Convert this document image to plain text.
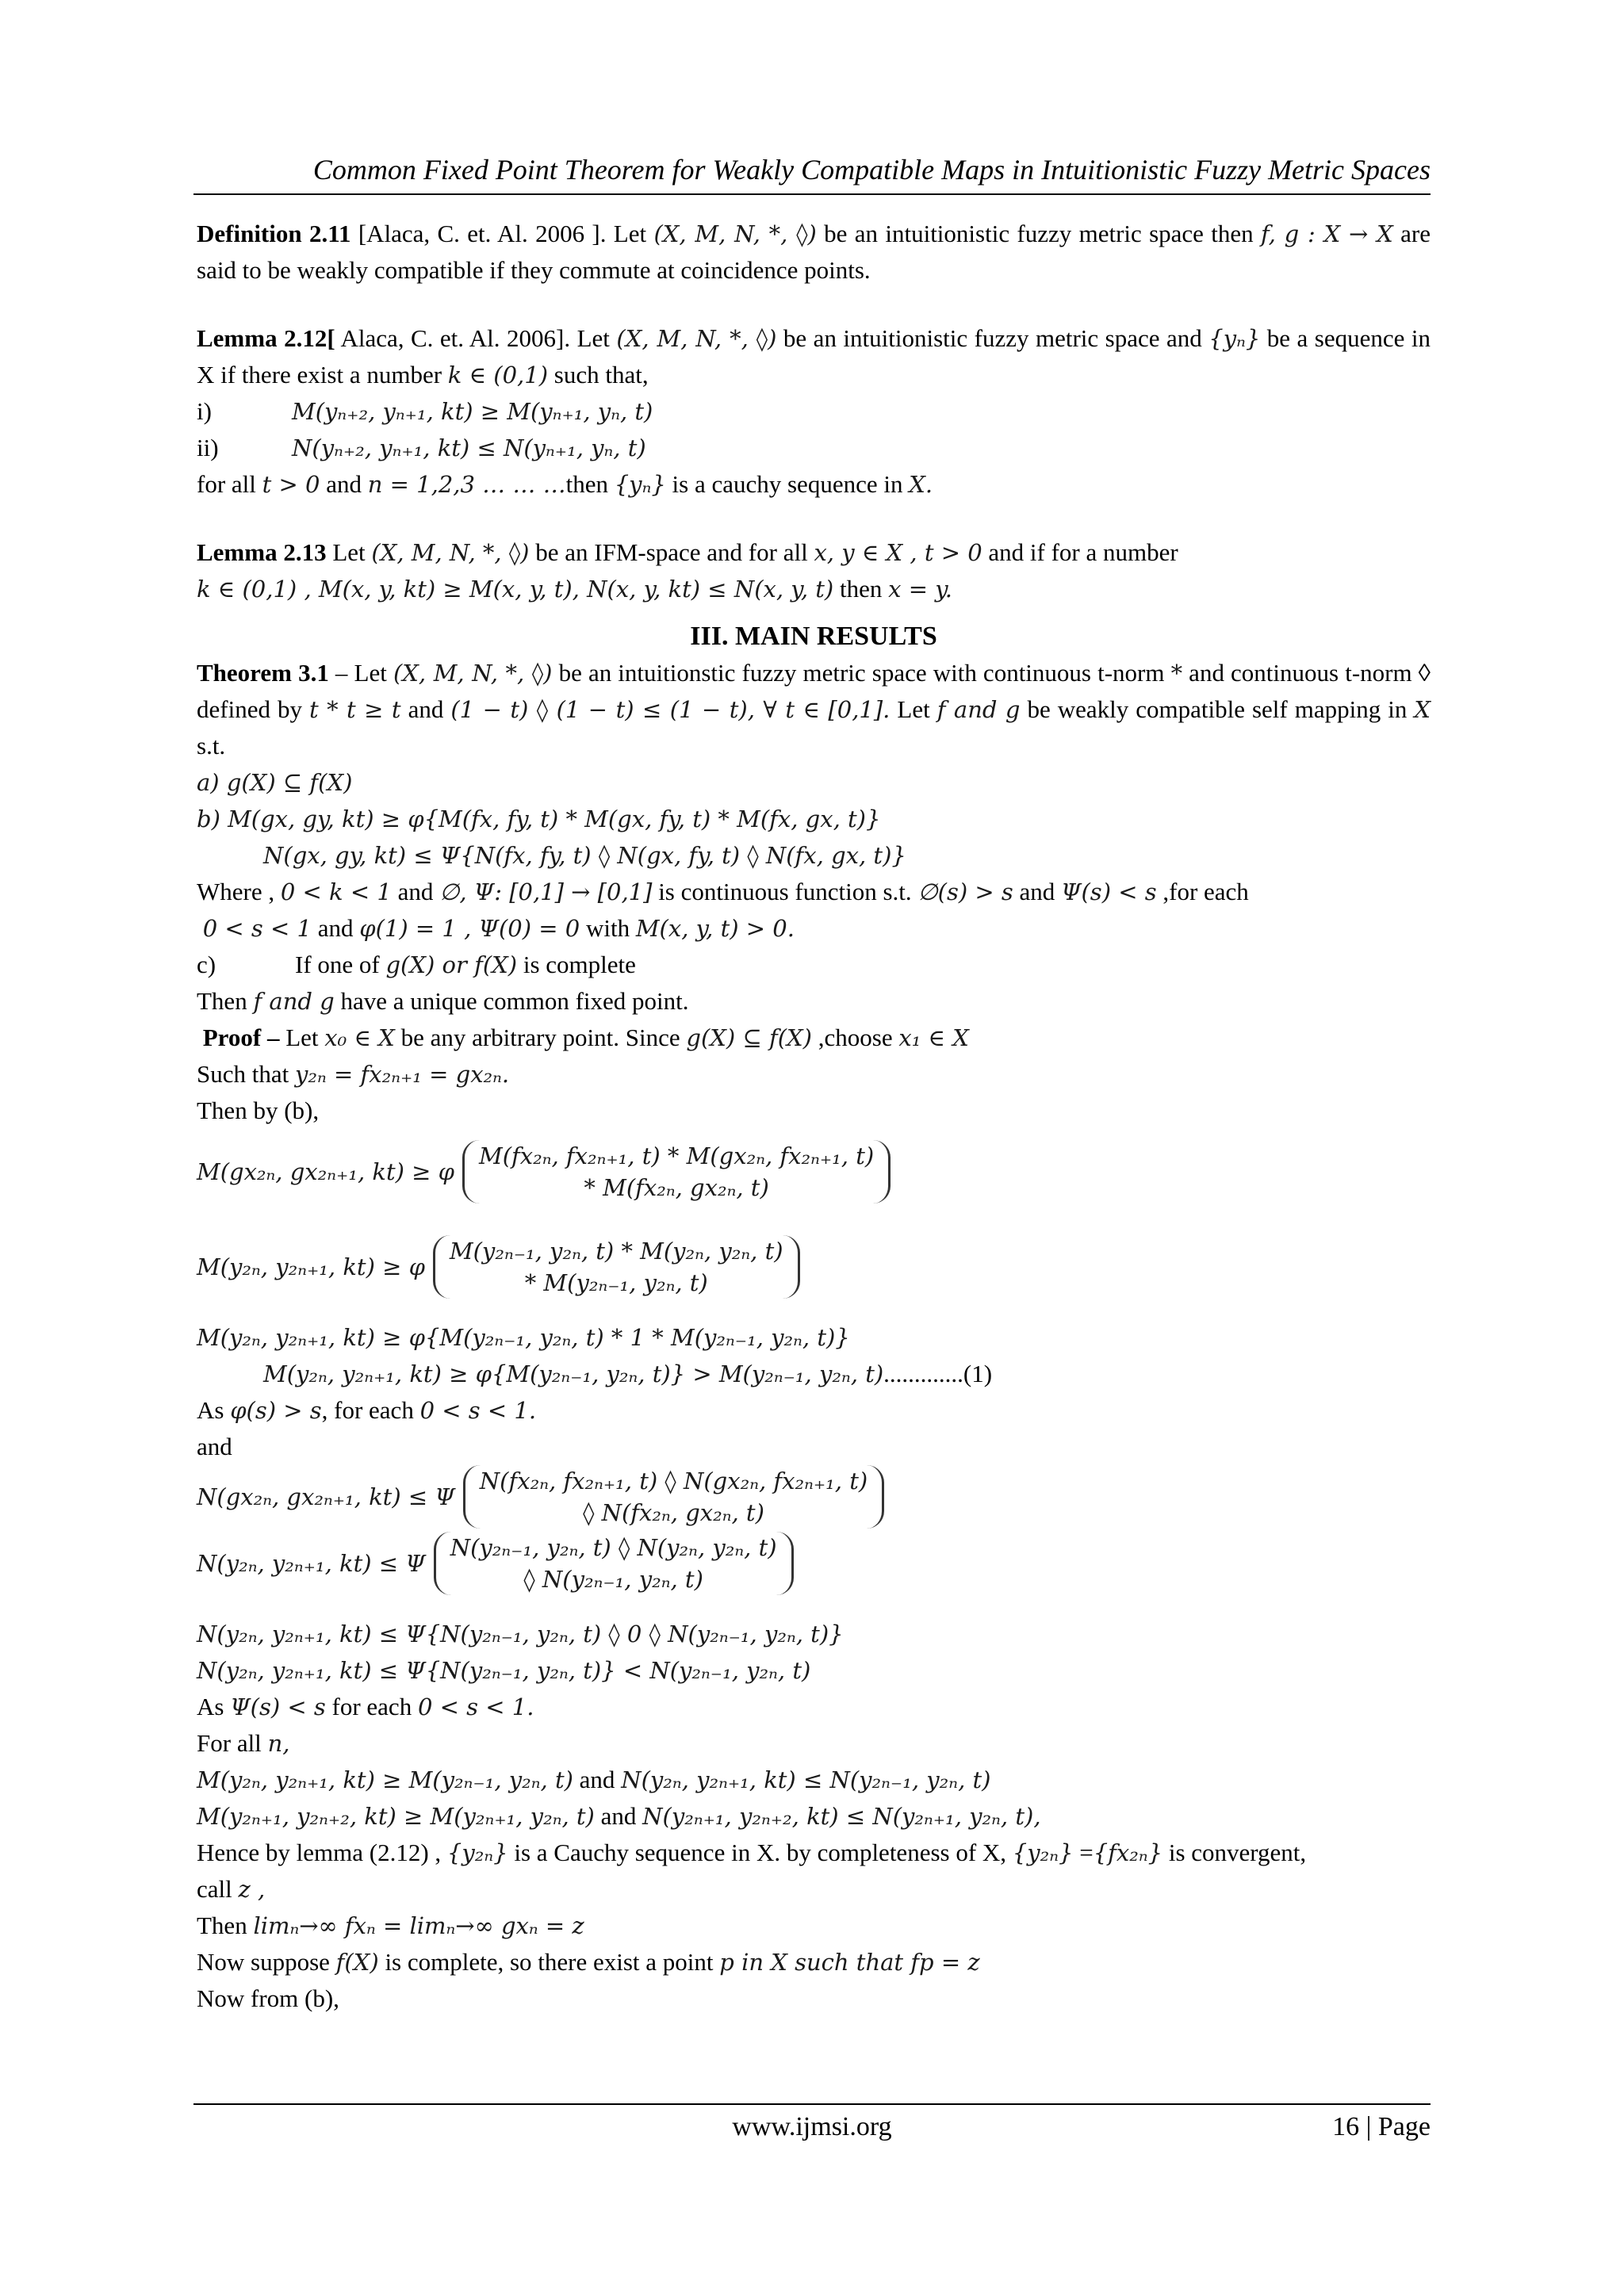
Common Fixed Point Theorem for Weakly Compatible Maps in Intuitionistic Fuzzy Metric Spaces

Definition 2.11 [Alaca, C. et. Al. 2006 ]. Let (X, M, N, *, ◊) be an intuitionistic fuzzy metric space then f, g : X → X are said to be weakly compatible if they commute at coincidence points.

Lemma 2.12[ Alaca, C. et. Al. 2006]. Let (X, M, N, *, ◊) be an intuitionistic fuzzy metric space and {yₙ} be a sequence in X if there exist a number k ∈ (0,1) such that,

i)	M(yₙ₊₂, yₙ₊₁, kt) ≥ M(yₙ₊₁, yₙ, t)

ii)	N(yₙ₊₂, yₙ₊₁, kt) ≤ N(yₙ₊₁, yₙ, t)

for all t > 0 and n = 1,2,3 … … …then {yₙ} is a cauchy sequence in X.

Lemma 2.13 Let (X, M, N, *, ◊) be an IFM-space and for all x, y ∈ X , t > 0 and if for a number

k ∈ (0,1) , M(x, y, kt) ≥ M(x, y, t), N(x, y, kt) ≤ N(x, y, t) then x = y.

III. MAIN RESULTS

Theorem 3.1 – Let (X, M, N, *, ◊) be an intuitionstic fuzzy metric space with continuous t-norm * and continuous t-norm ◊ defined by t * t ≥ t and (1 − t) ◊ (1 − t) ≤ (1 − t), ∀ t ∈ [0,1]. Let f and g be weakly compatible self mapping in X s.t.

a) g(X) ⊆ f(X)

b) M(gx, gy, kt) ≥ φ{M(fx, fy, t) * M(gx, fy, t) * M(fx, gx, t)}

N(gx, gy, kt) ≤ Ψ{N(fx, fy, t) ◊ N(gx, fy, t) ◊ N(fx, gx, t)}

Where , 0 < k < 1 and ∅, Ψ: [0,1] → [0,1] is continuous function s.t. ∅(s) > s and Ψ(s) < s ,for each

0 < s < 1 and φ(1) = 1 , Ψ(0) = 0 with M(x, y, t) > 0.

c)	If one of g(X) or f(X) is complete

Then f and g have a unique common fixed point.

Proof – Let x₀ ∈ X be any arbitrary point. Since g(X) ⊆ f(X) ,choose x₁ ∈ X

Such that y₂ₙ = fx₂ₙ₊₁ = gx₂ₙ.

Then by (b),

M(gx₂ₙ, gx₂ₙ₊₁, kt) ≥ φ
M(fx₂ₙ, fx₂ₙ₊₁, t) * M(gx₂ₙ, fx₂ₙ₊₁, t)
* M(fx₂ₙ, gx₂ₙ, t)
M(y₂ₙ, y₂ₙ₊₁, kt) ≥ φ
M(y₂ₙ₋₁, y₂ₙ, t) * M(y₂ₙ, y₂ₙ, t)
* M(y₂ₙ₋₁, y₂ₙ, t)

M(y₂ₙ, y₂ₙ₊₁, kt) ≥ φ{M(y₂ₙ₋₁, y₂ₙ, t) * 1 * M(y₂ₙ₋₁, y₂ₙ, t)}

M(y₂ₙ, y₂ₙ₊₁, kt) ≥ φ{M(y₂ₙ₋₁, y₂ₙ, t)} > M(y₂ₙ₋₁, y₂ₙ, t).............(1)

As φ(s) > s, for each 0 < s < 1.

and

N(gx₂ₙ, gx₂ₙ₊₁, kt) ≤ Ψ
N(fx₂ₙ, fx₂ₙ₊₁, t) ◊ N(gx₂ₙ, fx₂ₙ₊₁, t)
◊ N(fx₂ₙ, gx₂ₙ, t)
N(y₂ₙ, y₂ₙ₊₁, kt) ≤ Ψ
N(y₂ₙ₋₁, y₂ₙ, t) ◊ N(y₂ₙ, y₂ₙ, t)
◊ N(y₂ₙ₋₁, y₂ₙ, t)

N(y₂ₙ, y₂ₙ₊₁, kt) ≤ Ψ{N(y₂ₙ₋₁, y₂ₙ, t) ◊ 0 ◊ N(y₂ₙ₋₁, y₂ₙ, t)}

N(y₂ₙ, y₂ₙ₊₁, kt) ≤ Ψ{N(y₂ₙ₋₁, y₂ₙ, t)} < N(y₂ₙ₋₁, y₂ₙ, t)

As Ψ(s) < s for each 0 < s < 1.

For all n,

M(y₂ₙ, y₂ₙ₊₁, kt) ≥ M(y₂ₙ₋₁, y₂ₙ, t) and N(y₂ₙ, y₂ₙ₊₁, kt) ≤ N(y₂ₙ₋₁, y₂ₙ, t)

M(y₂ₙ₊₁, y₂ₙ₊₂, kt) ≥ M(y₂ₙ₊₁, y₂ₙ, t) and N(y₂ₙ₊₁, y₂ₙ₊₂, kt) ≤ N(y₂ₙ₊₁, y₂ₙ, t),

Hence by lemma (2.12) , {y₂ₙ} is a Cauchy sequence in X. by completeness of X, {y₂ₙ} ={fx₂ₙ} is convergent,

call z ,

Then limₙ→∞ fxₙ = limₙ→∞ gxₙ = z

Now suppose f(X) is complete, so there exist a point p in X such that fp = z

Now from (b),

www.ijmsi.org	16 | Page
